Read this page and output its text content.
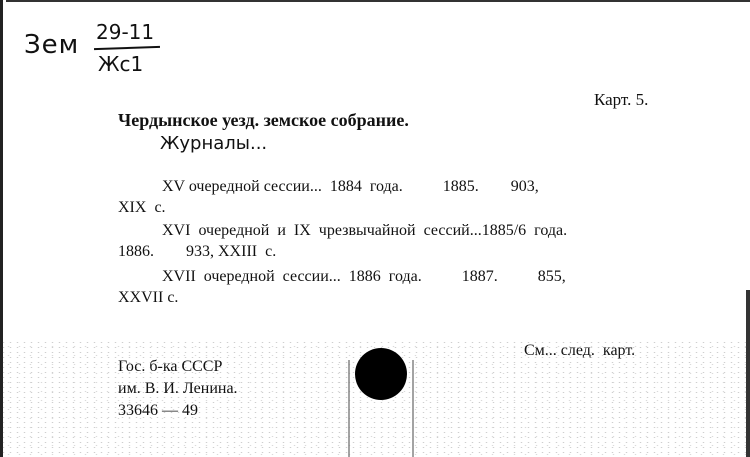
Зем 29-11
Жс1
Карт. 5.
Чердынское уезд. земское собрание.
Журналы...
XV очередной сессии...  1884  года.          1885.        903,
XIX  с.
XVI  очередной  и  IX  чрезвычайной  сессий...1885/6  года.
1886.        933, XXIII  с.
XVII  очередной  сессии...  1886  года.          1887.          855,
XXVII с.
См... след.  карт.
Гос. б-ка СССР
им. В. И. Ленина.
33646 — 49
